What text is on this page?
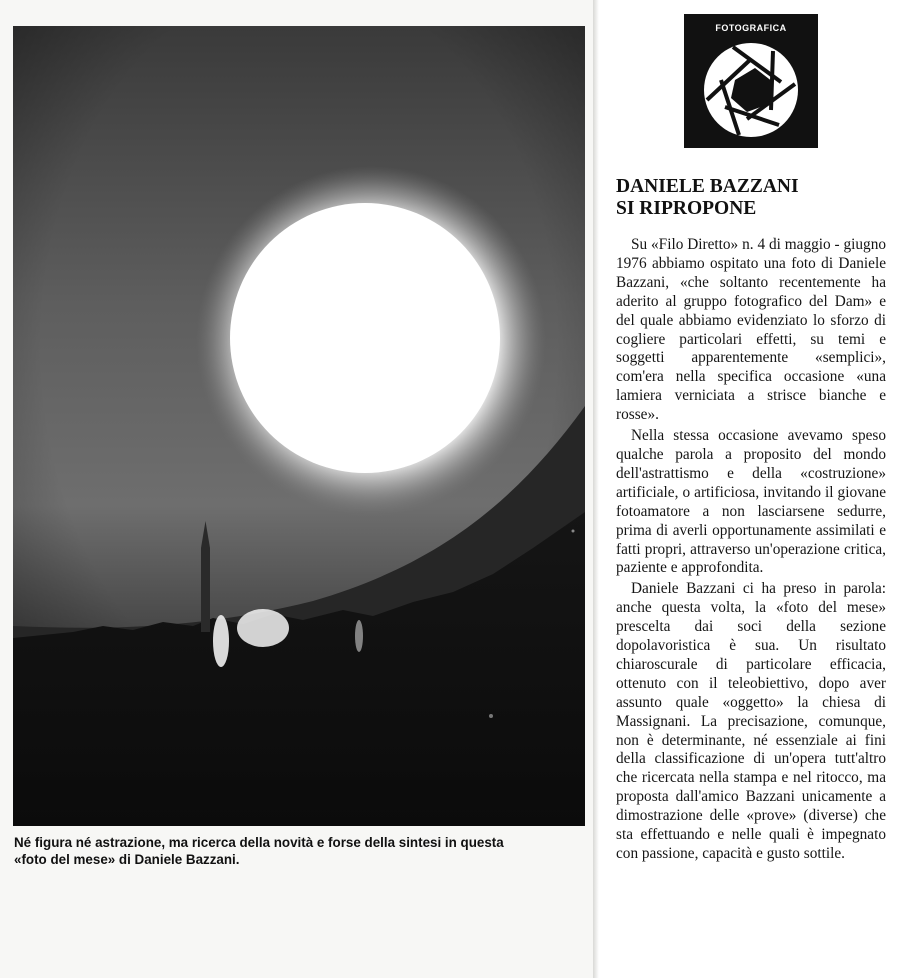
Né figura né astrazione, ma ricerca della novità e forse della sintesi in questa

«foto del mese» di Daniele Bazzani.

FOTOGRAFICA
DANIELE BAZZANI
SI RIPROPONE

Su «Filo Diretto» n. 4 di maggio - giugno 1976 abbiamo ospitato una foto di Daniele Bazzani, «che soltanto recentemente ha aderito al gruppo fotografico del Dam» e del quale abbiamo evidenziato lo sforzo di cogliere particolari effetti, su temi e soggetti apparentemente «semplici», com'era nella specifica occasione «una lamiera verniciata a strisce bianche e rosse».

Nella stessa occasione avevamo speso qualche parola a proposito del mondo dell'astrattismo e della «costruzione» artificiale, o artificiosa, invitando il giovane fotoamatore a non lasciarsene sedurre, prima di averli opportunamente assimilati e fatti propri, attraverso un'operazione critica, paziente e approfondita.

Daniele Bazzani ci ha preso in parola: anche questa volta, la «foto del mese» prescelta dai soci della sezione dopolavoristica è sua. Un risultato chiaroscurale di particolare efficacia, ottenuto con il teleobiettivo, dopo aver assunto quale «oggetto» la chiesa di Massignani. La precisazione, comunque, non è determinante, né essenziale ai fini della classificazione di un'opera tutt'altro che ricercata nella stampa e nel ritocco, ma proposta dall'amico Bazzani unicamente a dimostrazione delle «prove» (diverse) che sta effettuando e nelle quali è impegnato con passione, capacità e gusto sottile.
